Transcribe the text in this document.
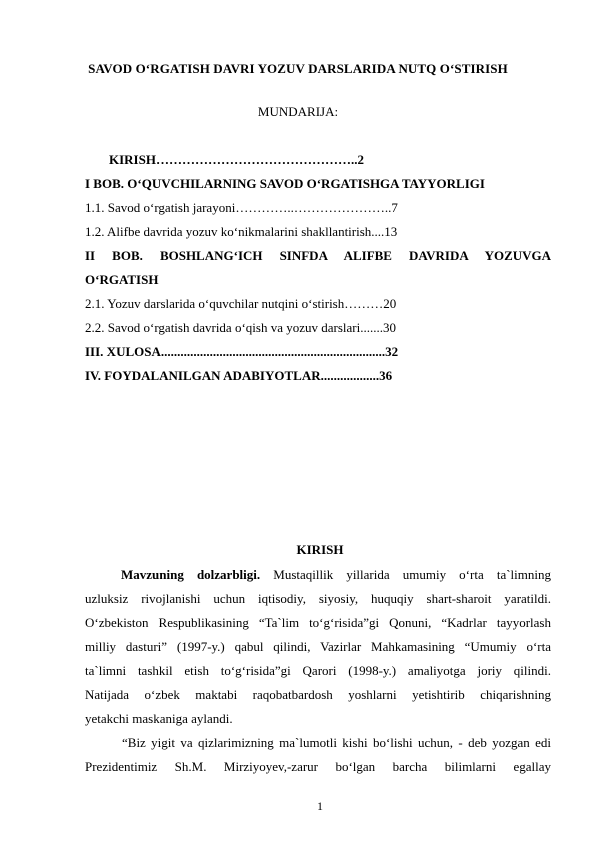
SAVOD O‘RGATISH DAVRI YOZUV DARSLARIDA NUTQ O‘STIRISH
MUNDARIJA:
KIRISH………………………………………..2
I BOB. O‘QUVCHILARNING SAVOD O‘RGATISHGA TAYYORLIGI
1.1. Savod o‘rgatish jarayoni…………..…………………..7
1.2. Alifbe davrida yozuv ko‘nikmalarini shakllantirish....13
II BOB. BOSHLANG‘ICH SINFDA ALIFBE DAVRIDA YOZUVGA
O‘RGATISH
2.1. Yozuv darslarida o‘quvchilar nutqini o‘stirish………20
2.2. Savod o‘rgatish davrida o‘qish va yozuv darslari.......30
III. XULOSA.....................................................................32
IV. FOYDALANILGAN ADABIYOTLAR..................36
KIRISH
Mavzuning dolzarbligi. Mustaqillik yillarida umumiy o‘rta ta`limning
uzluksiz rivojlanishi uchun iqtisodiy, siyosiy, huquqiy shart-sharoit yaratildi.
O‘zbekiston Respublikasining “Ta`lim to‘g‘risida”gi Qonuni, “Kadrlar tayyorlash
milliy dasturi” (1997-y.) qabul qilindi, Vazirlar Mahkamasining “Umumiy o‘rta
ta`limni tashkil etish to‘g‘risida”gi Qarori (1998-y.) amaliyotga joriy qilindi.
Natijada o‘zbek maktabi raqobatbardosh yoshlarni yetishtirib chiqarishning
yetakchi maskaniga aylandi.
“Biz yigit va qizlarimizning ma`lumotli kishi bo‘lishi uchun, - deb yozgan edi
Prezidentimiz Sh.M. Mirziyoyev,-zarur bo‘lgan barcha bilimlarni egallay
1
